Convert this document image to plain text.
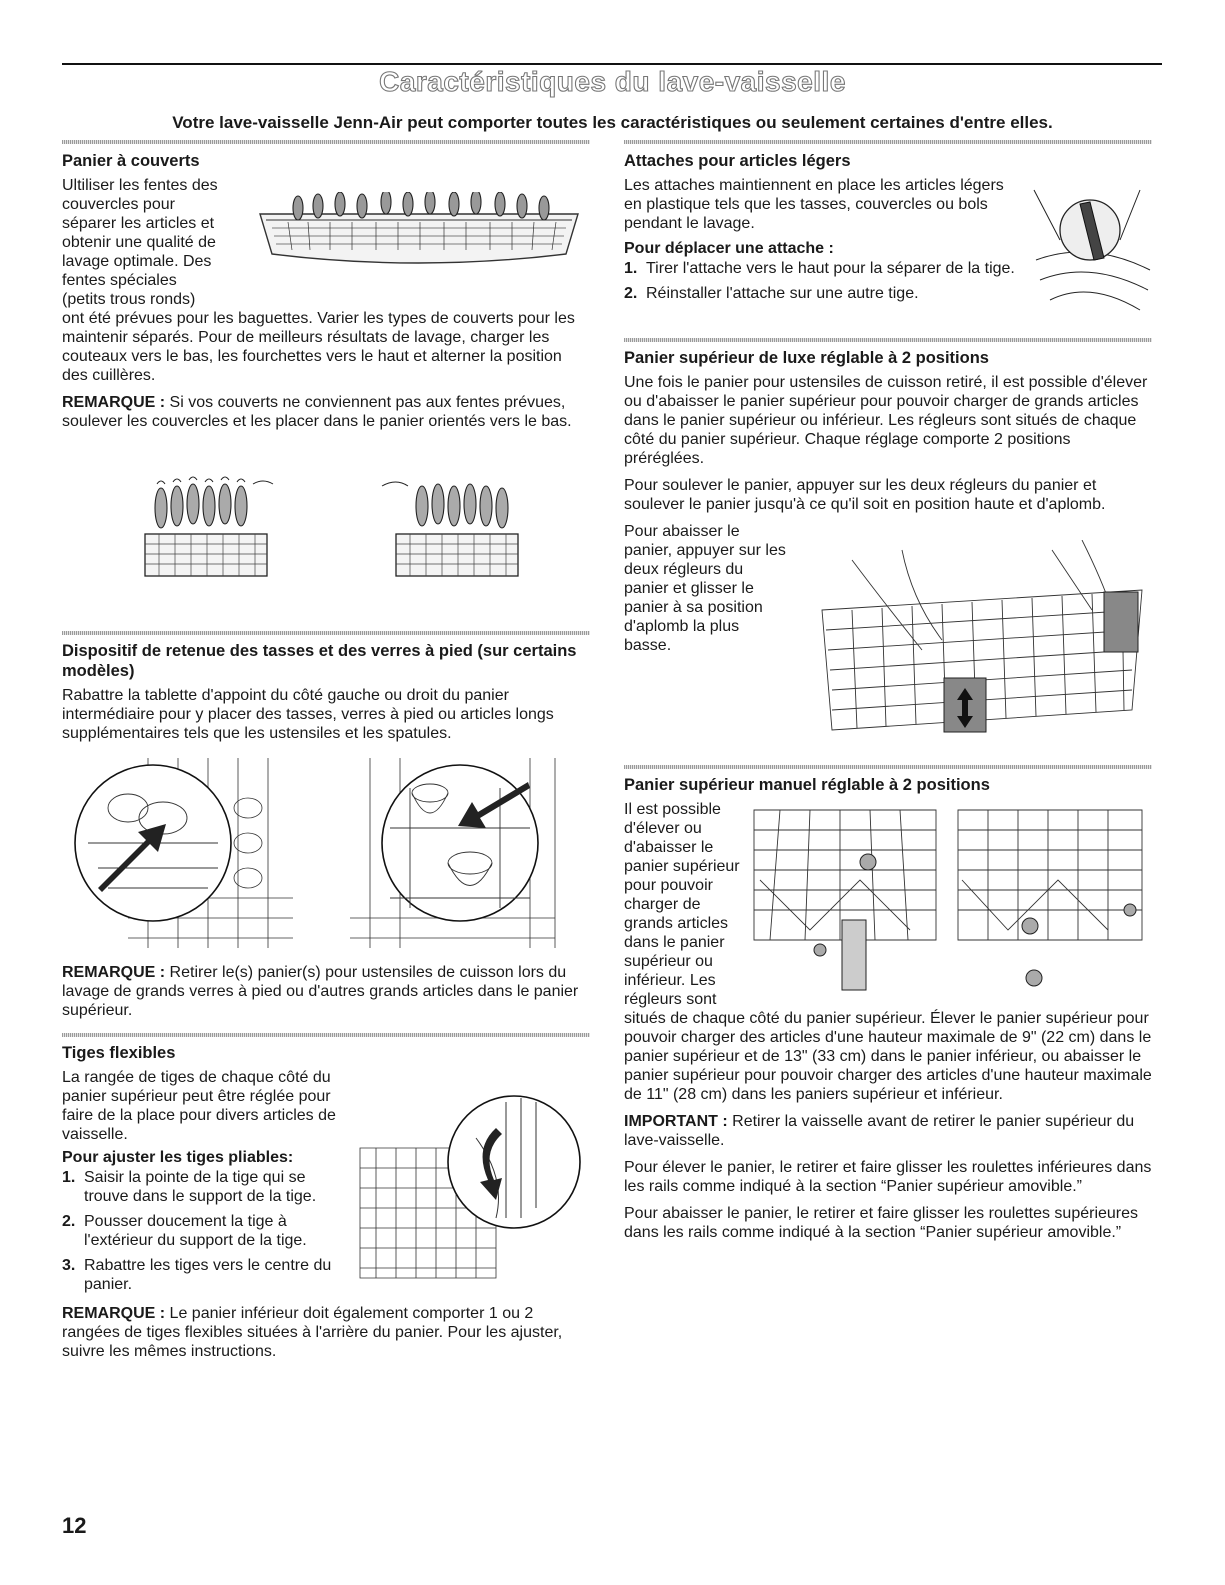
Caractéristiques du lave-vaisselle
Votre lave-vaisselle Jenn-Air peut comporter toutes les caractéristiques ou seulement certaines d'entre elles.
Panier à couverts
Ultiliser les fentes des
couvercles pour
séparer les articles et
obtenir une qualité de
lavage optimale. Des
fentes spéciales
(petits trous ronds)

ont été prévues pour les baguettes. Varier les types de couverts pour les maintenir séparés. Pour de meilleurs résultats de lavage, charger les couteaux vers le bas, les fourchettes vers le haut et alterner la position des cuillères.

REMARQUE : Si vos couverts ne conviennent pas aux fentes prévues, soulever les couvercles et les placer dans le panier orientés vers le bas.

Dispositif de retenue des tasses et des verres à pied (sur certains modèles)

Rabattre la tablette d'appoint du côté gauche ou droit du panier intermédiaire pour y placer des tasses, verres à pied ou articles longs supplémentaires tels que les ustensiles et les spatules.

REMARQUE : Retirer le(s) panier(s) pour ustensiles de cuisson lors du lavage de grands verres à pied ou d'autres grands articles dans le panier supérieur.

Tiges flexibles

La rangée de tiges de chaque côté du panier supérieur peut être réglée pour faire de la place pour divers articles de vaisselle.

Pour ajuster les tiges pliables:
1. Saisir la pointe de la tige qui se trouve dans le support de la tige.
2. Pousser doucement la tige à l'extérieur du support de la tige.
3. Rabattre les tiges vers le centre du panier.

REMARQUE : Le panier inférieur doit également comporter 1 ou 2 rangées de tiges flexibles situées à l'arrière du panier. Pour les ajuster, suivre les mêmes instructions.

Attaches pour articles légers

Les attaches maintiennent en place les articles légers en plastique tels que les tasses, couvercles ou bols pendant le lavage.

Pour déplacer une attache :
1. Tirer l'attache vers le haut pour la séparer de la tige.
2. Réinstaller l'attache sur une autre tige.
Panier supérieur de luxe réglable à 2 positions

Une fois le panier pour ustensiles de cuisson retiré, il est possible d'élever ou d'abaisser le panier supérieur pour pouvoir charger de grands articles dans le panier supérieur ou inférieur. Les régleurs sont situés de chaque côté du panier supérieur. Chaque réglage comporte 2 positions préréglées.

Pour soulever le panier, appuyer sur les deux régleurs du panier et soulever le panier jusqu'à ce qu'il soit en position haute et d'aplomb.

Pour abaisser le
panier, appuyer sur les
deux régleurs du
panier et glisser le
panier à sa position
d'aplomb la plus
basse.
Panier supérieur manuel réglable à 2 positions
Il est possible
d'élever ou
d'abaisser le
panier supérieur
pour pouvoir
charger de
grands articles
dans le panier
supérieur ou
inférieur. Les
régleurs sont

situés de chaque côté du panier supérieur. Élever le panier supérieur pour pouvoir charger des articles d'une hauteur maximale de 9" (22 cm) dans le panier supérieur et de 13" (33 cm) dans le panier inférieur, ou abaisser le panier supérieur pour pouvoir charger des articles d'une hauteur maximale de 11" (28 cm) dans les paniers supérieur et inférieur.

IMPORTANT : Retirer la vaisselle avant de retirer le panier supérieur du lave-vaisselle.

Pour élever le panier, le retirer et faire glisser les roulettes inférieures dans les rails comme indiqué à la section “Panier supérieur amovible.”

Pour abaisser le panier, le retirer et faire glisser les roulettes supérieures dans les rails comme indiqué à la section “Panier supérieur amovible.”

12
